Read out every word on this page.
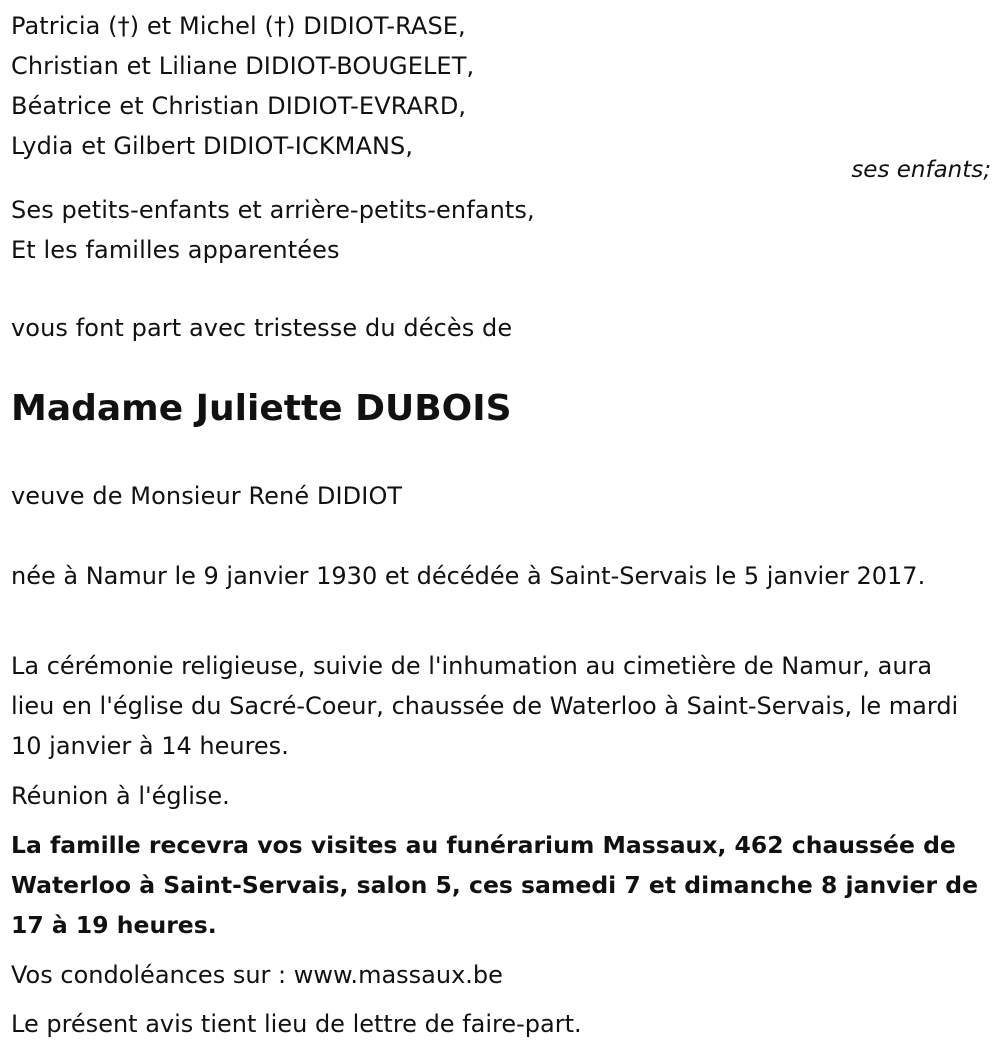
Patricia (†) et Michel (†) DIDIOT-RASE,
Christian et Liliane DIDIOT-BOUGELET,
Béatrice et Christian DIDIOT-EVRARD,
Lydia et Gilbert DIDIOT-ICKMANS,
ses enfants;
Ses petits-enfants et arrière-petits-enfants,
Et les familles apparentées
vous font part avec tristesse du décès de
Madame Juliette DUBOIS
veuve de Monsieur René DIDIOT
née à Namur le 9 janvier 1930 et décédée à Saint-Servais le 5 janvier 2017.
La cérémonie religieuse, suivie de l'inhumation au cimetière de Namur, aura lieu en l'église du Sacré-Coeur, chaussée de Waterloo à Saint-Servais, le mardi 10 janvier à 14 heures.
Réunion à l'église.
La famille recevra vos visites au funérarium Massaux, 462 chaussée de Waterloo à Saint-Servais, salon 5, ces samedi 7 et dimanche 8 janvier de 17 à 19 heures.
Vos condoléances sur : www.massaux.be
Le présent avis tient lieu de lettre de faire-part.
